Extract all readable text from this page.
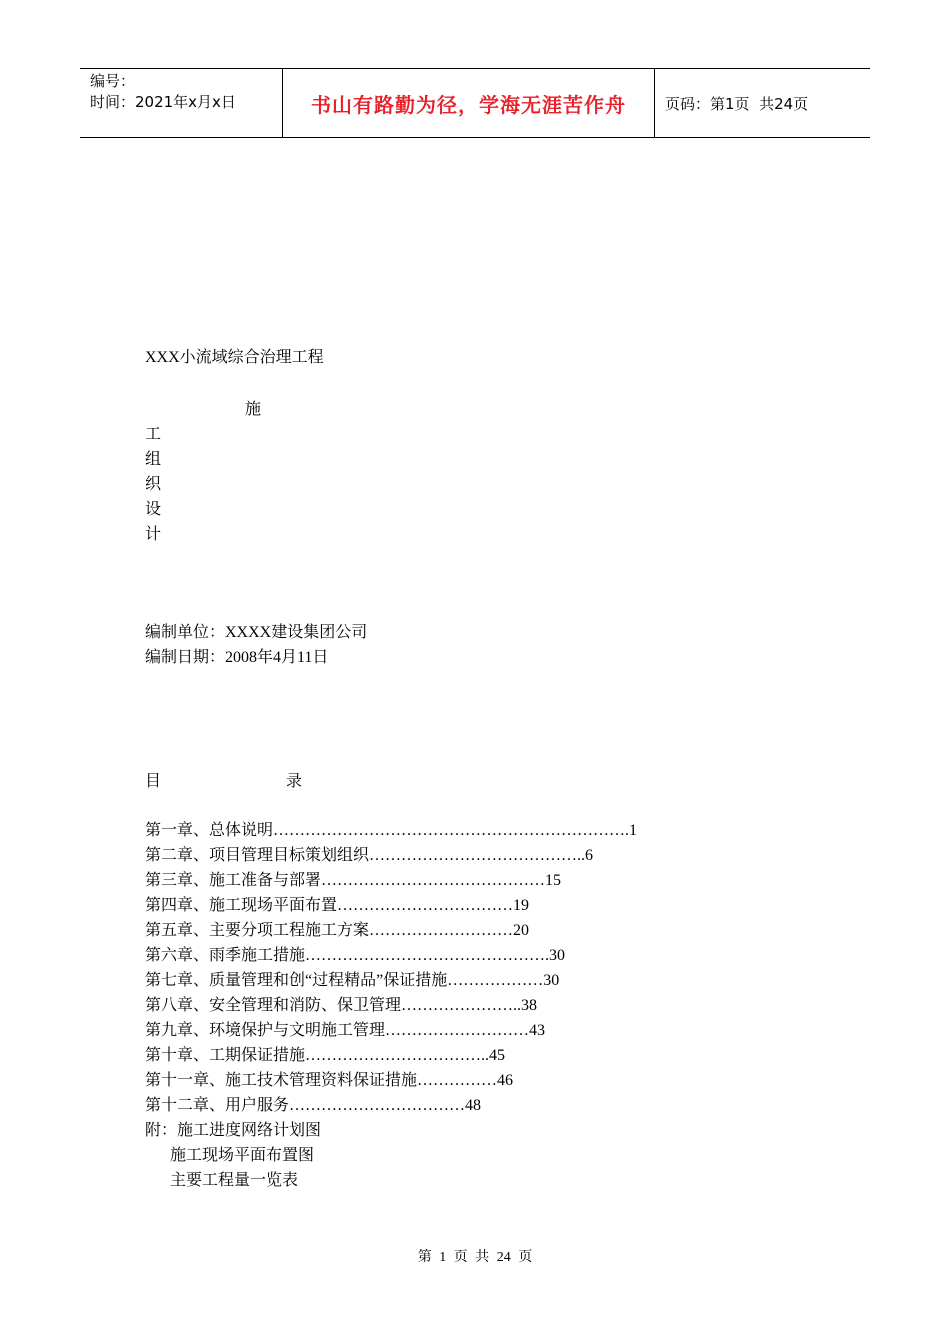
编号：
时间：2021年x月x日	书山有路勤为径，学海无涯苦作舟	页码：第1页  共24页
XXX小流域综合治理工程
施
工
组
织
设
计
编制单位：XXXX建设集团公司
编制日期：2008年4月11日
目	录
第一章、总体说明………………………………………………………….1
第二章、项目管理目标策划组织…………………………………..6
第三章、施工准备与部署……………………………………15
第四章、施工现场平面布置……………………………19
第五章、主要分项工程施工方案………………………20
第六章、雨季施工措施……………………………………….30
第七章、质量管理和创“过程精品”保证措施………………30
第八章、安全管理和消防、保卫管理…………………..38
第九章、环境保护与文明施工管理………………………43
第十章、工期保证措施……………………………..45
第十一章、施工技术管理资料保证措施……………46
第十二章、用户服务……………………………48
附：施工进度网络计划图
施工现场平面布置图
主要工程量一览表
第 1 页 共 24 页
